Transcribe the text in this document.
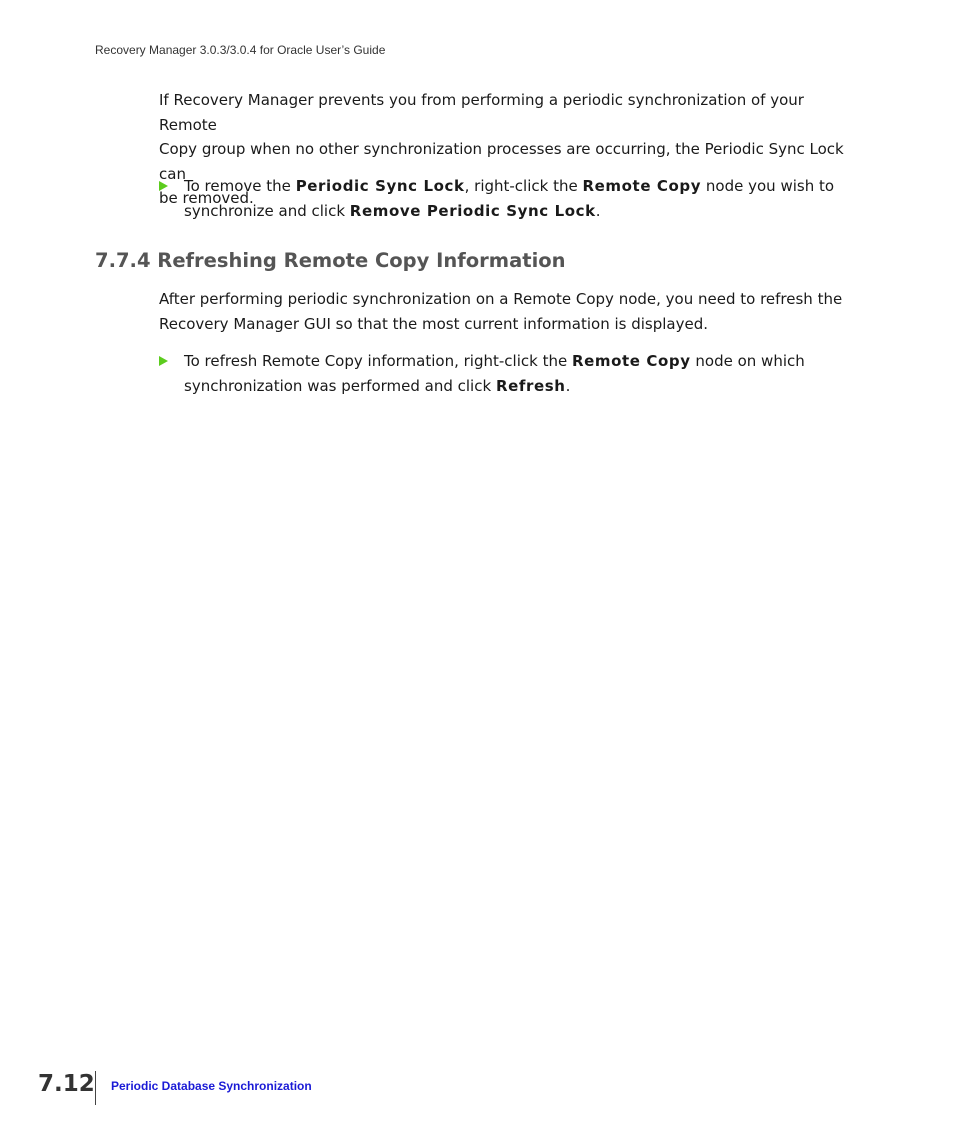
Recovery Manager 3.0.3/3.0.4 for Oracle User’s Guide
If Recovery Manager prevents you from performing a periodic synchronization of your Remote
Copy group when no other synchronization processes are occurring, the Periodic Sync Lock can
be removed.
To remove the Periodic Sync Lock, right-click the Remote Copy node you wish to
synchronize and click Remove Periodic Sync Lock.
7.7.4 Refreshing Remote Copy Information
After performing periodic synchronization on a Remote Copy node, you need to refresh the
Recovery Manager GUI so that the most current information is displayed.
To refresh Remote Copy information, right-click the Remote Copy node on which
synchronization was performed and click Refresh.
7.12 Periodic Database Synchronization
